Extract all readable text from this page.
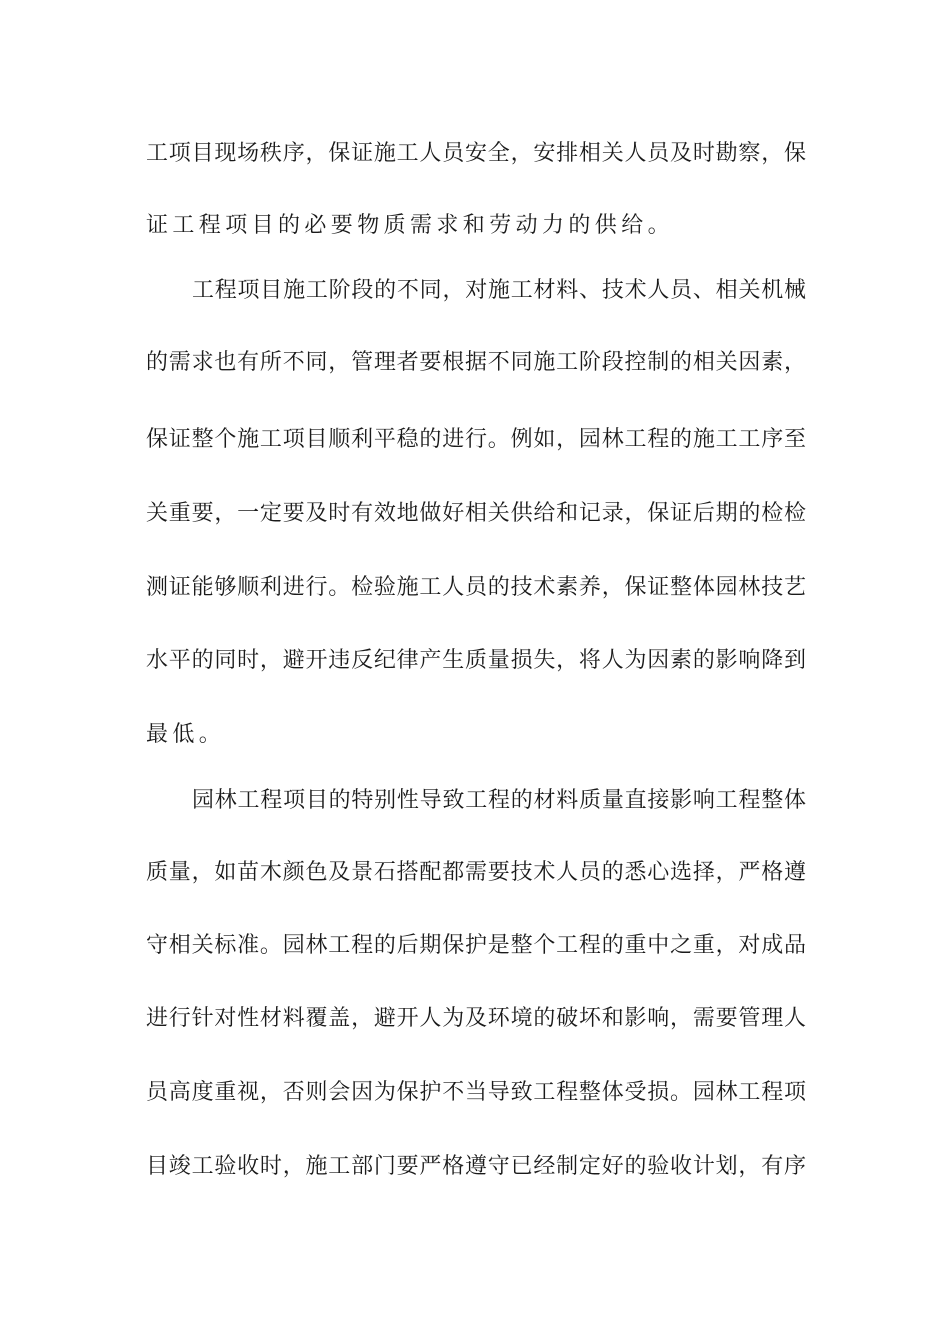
工项目现场秩序，保证施工人员安全，安排相关人员及时勘察，保
证工程项目的必要物质需求和劳动力的供给。
工程项目施工阶段的不同，对施工材料、技术人员、相关机械
的需求也有所不同，管理者要根据不同施工阶段控制的相关因素，
保证整个施工项目顺利平稳的进行。例如，园林工程的施工工序至
关重要，一定要及时有效地做好相关供给和记录，保证后期的检检
测证能够顺利进行。检验施工人员的技术素养，保证整体园林技艺
水平的同时，避开违反纪律产生质量损失，将人为因素的影响降到
最低。
园林工程项目的特别性导致工程的材料质量直接影响工程整体
质量，如苗木颜色及景石搭配都需要技术人员的悉心选择，严格遵
守相关标准。园林工程的后期保护是整个工程的重中之重，对成品
进行针对性材料覆盖，避开人为及环境的破坏和影响，需要管理人
员高度重视，否则会因为保护不当导致工程整体受损。园林工程项
目竣工验收时，施工部门要严格遵守已经制定好的验收计划，有序
